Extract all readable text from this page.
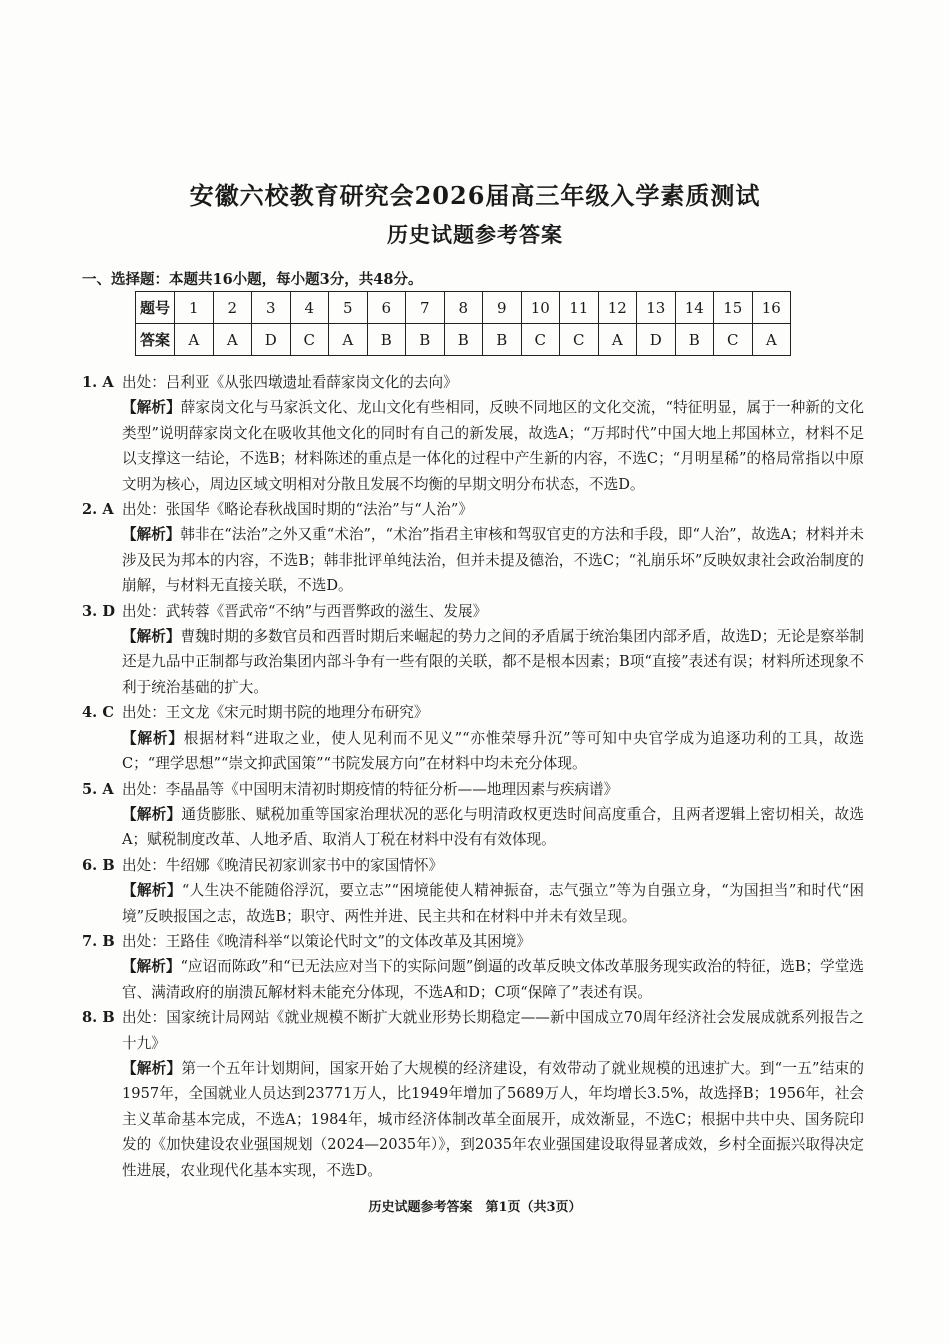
安徽六校教育研究会2026届高三年级入学素质测试
历史试题参考答案
一、选择题：本题共16小题，每小题3分，共48分。
题号	1	2	3	4	5	6	7	8	9	10	11	12	13	14	15	16
答案	A	A	D	C	A	B	B	B	B	C	C	A	D	B	C	A
1. A 出处：吕利亚《从张四墩遗址看薛家岗文化的去向》
【解析】薛家岗文化与马家浜文化、龙山文化有些相同，反映不同地区的文化交流，“特征明显，属于一种新的文化类型”说明薛家岗文化在吸收其他文化的同时有自己的新发展，故选A；“万邦时代”中国大地上邦国林立，材料不足以支撑这一结论，不选B；材料陈述的重点是一体化的过程中产生新的内容，不选C；“月明星稀”的格局常指以中原文明为核心，周边区域文明相对分散且发展不均衡的早期文明分布状态，不选D。
2. A 出处：张国华《略论春秋战国时期的“法治”与“人治”》
【解析】韩非在“法治”之外又重“术治”，“术治”指君主审核和驾驭官吏的方法和手段，即“人治”，故选A；材料并未涉及民为邦本的内容，不选B；韩非批评单纯法治，但并未提及德治，不选C；“礼崩乐坏”反映奴隶社会政治制度的崩解，与材料无直接关联，不选D。
3. D 出处：武转蓉《晋武帝“不纳”与西晋弊政的滋生、发展》
【解析】曹魏时期的多数官员和西晋时期后来崛起的势力之间的矛盾属于统治集团内部矛盾，故选D；无论是察举制还是九品中正制都与政治集团内部斗争有一些有限的关联，都不是根本因素；B项“直接”表述有误；材料所述现象不利于统治基础的扩大。
4. C 出处：王文龙《宋元时期书院的地理分布研究》
【解析】根据材料“进取之业，使人见利而不见义”“亦惟荣辱升沉”等可知中央官学成为追逐功利的工具，故选C；“理学思想”“崇文抑武国策”“书院发展方向”在材料中均未充分体现。
5. A 出处：李晶晶等《中国明末清初时期疫情的特征分析——地理因素与疾病谱》
【解析】通货膨胀、赋税加重等国家治理状况的恶化与明清政权更迭时间高度重合，且两者逻辑上密切相关，故选A；赋税制度改革、人地矛盾、取消人丁税在材料中没有有效体现。
6. B 出处：牛绍娜《晚清民初家训家书中的家国情怀》
【解析】“人生决不能随俗浮沉，要立志”“困境能使人精神振奋，志气强立”等为自强立身，“为国担当”和时代“困境”反映报国之志，故选B；职守、两性并进、民主共和在材料中并未有效呈现。
7. B 出处：王路佳《晚清科举“以策论代时文”的文体改革及其困境》
【解析】“应诏而陈政”和“已无法应对当下的实际问题”倒逼的改革反映文体改革服务现实政治的特征，选B；学堂选官、满清政府的崩溃瓦解材料未能充分体现，不选A和D；C项“保障了”表述有误。
8. B 出处：国家统计局网站《就业规模不断扩大就业形势长期稳定——新中国成立70周年经济社会发展成就系列报告之十九》
【解析】第一个五年计划期间，国家开始了大规模的经济建设，有效带动了就业规模的迅速扩大。到“一五”结束的1957年，全国就业人员达到23771万人，比1949年增加了5689万人，年均增长3.5%，故选择B；1956年，社会主义革命基本完成，不选A；1984年，城市经济体制改革全面展开，成效渐显，不选C；根据中共中央、国务院印发的《加快建设农业强国规划（2024—2035年）》，到2035年农业强国建设取得显著成效，乡村全面振兴取得决定性进展，农业现代化基本实现，不选D。
历史试题参考答案　第1页（共3页）
